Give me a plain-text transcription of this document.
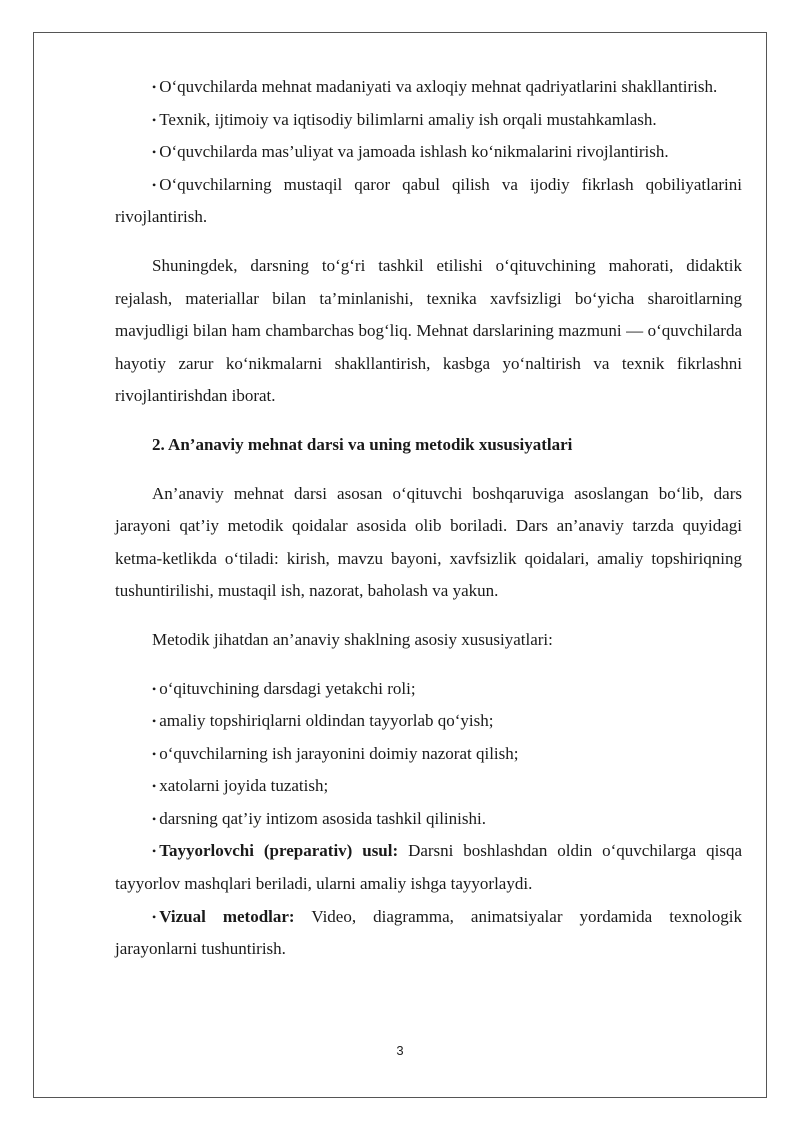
• O‘quvchilarda mehnat madaniyati va axloqiy mehnat qadriyatlarini shakllantirish.

• Texnik, ijtimoiy va iqtisodiy bilimlarni amaliy ish orqali mustahkamlash.

• O‘quvchilarda mas’uliyat va jamoada ishlash ko‘nikmalarini rivojlantirish.

• O‘quvchilarning mustaqil qaror qabul qilish va ijodiy fikrlash qobiliyatlarini rivojlantirish.

Shuningdek, darsning to‘g‘ri tashkil etilishi o‘qituvchining mahorati, didaktik rejalash, materiallar bilan ta’minlanishi, texnika xavfsizligi bo‘yicha sharoitlarning mavjudligi bilan ham chambarchas bog‘liq. Mehnat darslarining mazmuni — o‘quvchilarda hayotiy zarur ko‘nikmalarni shakllantirish, kasbga yo‘naltirish va texnik fikrlashni rivojlantirishdan iborat.

2. An’anaviy mehnat darsi va uning metodik xususiyatlari

An’anaviy mehnat darsi asosan o‘qituvchi boshqaruviga asoslangan bo‘lib, dars jarayoni qat’iy metodik qoidalar asosida olib boriladi. Dars an’anaviy tarzda quyidagi ketma-ketlikda o‘tiladi: kirish, mavzu bayoni, xavfsizlik qoidalari, amaliy topshiriqning tushuntirilishi, mustaqil ish, nazorat, baholash va yakun.

Metodik jihatdan an’anaviy shaklning asosiy xususiyatlari:

• o‘qituvchining darsdagi yetakchi roli;

• amaliy topshiriqlarni oldindan tayyorlab qo‘yish;

• o‘quvchilarning ish jarayonini doimiy nazorat qilish;

• xatolarni joyida tuzatish;

• darsning qat’iy intizom asosida tashkil qilinishi.

• Tayyorlovchi (preparativ) usul: Darsni boshlashdan oldin o‘quvchilarga qisqa tayyorlov mashqlari beriladi, ularni amaliy ishga tayyorlaydi.

• Vizual metodlar: Video, diagramma, animatsiyalar yordamida texnologik jarayonlarni tushuntirish.

3
